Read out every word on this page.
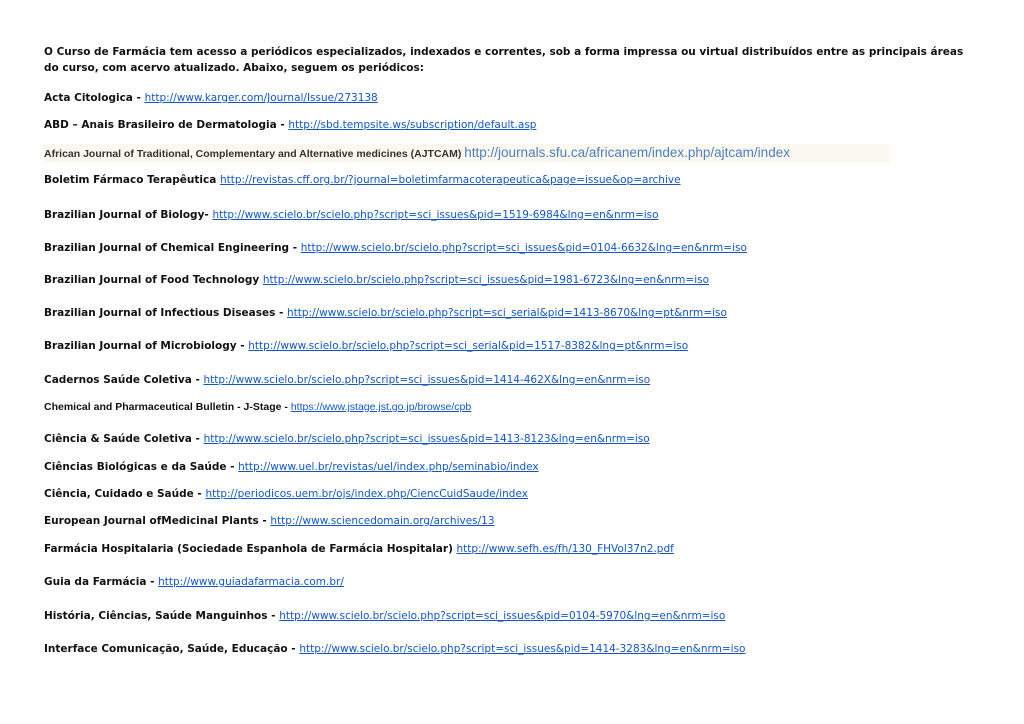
O Curso de Farmácia tem acesso a periódicos especializados, indexados e correntes, sob a forma impressa ou virtual distribuídos entre as principais áreas do curso, com acervo atualizado. Abaixo, seguem os periódicos:

Acta Citologica - http://www.karger.com/Journal/Issue/273138
ABD – Anais Brasileiro de Dermatologia - http://sbd.tempsite.ws/subscription/default.asp
African Journal of Traditional, Complementary and Alternative medicines (AJTCAM) http://journals.sfu.ca/africanem/index.php/ajtcam/index
Boletim Fármaco Terapêutica http://revistas.cff.org.br/?journal=boletimfarmacoterapeutica&page=issue&op=archive
Brazilian Journal of Biology- http://www.scielo.br/scielo.php?script=sci_issues&pid=1519-6984&lng=en&nrm=iso
Brazilian Journal of Chemical Engineering - http://www.scielo.br/scielo.php?script=sci_issues&pid=0104-6632&lng=en&nrm=iso
Brazilian Journal of Food Technology http://www.scielo.br/scielo.php?script=sci_issues&pid=1981-6723&lng=en&nrm=iso
Brazilian Journal of Infectious Diseases - http://www.scielo.br/scielo.php?script=sci_serial&pid=1413-8670&lng=pt&nrm=iso
Brazilian Journal of Microbiology - http://www.scielo.br/scielo.php?script=sci_serial&pid=1517-8382&lng=pt&nrm=iso
Cadernos Saúde Coletiva - http://www.scielo.br/scielo.php?script=sci_issues&pid=1414-462X&lng=en&nrm=iso
Chemical and Pharmaceutical Bulletin - J-Stage - https://www.jstage.jst.go.jp/browse/cpb
Ciência & Saúde Coletiva - http://www.scielo.br/scielo.php?script=sci_issues&pid=1413-8123&lng=en&nrm=iso
Ciências Biológicas e da Saúde - http://www.uel.br/revistas/uel/index.php/seminabio/index
Ciência, Cuidado e Saúde - http://periodicos.uem.br/ojs/index.php/CiencCuidSaude/index
European Journal ofMedicinal Plants - http://www.sciencedomain.org/archives/13
Farmácia Hospitalaria (Sociedade Espanhola de Farmácia Hospitalar) http://www.sefh.es/fh/130_FHVol37n2.pdf
Guia da Farmácia - http://www.guiadafarmacia.com.br/
História, Ciências, Saúde Manguinhos - http://www.scielo.br/scielo.php?script=sci_issues&pid=0104-5970&lng=en&nrm=iso
Interface Comunicação, Saúde, Educação - http://www.scielo.br/scielo.php?script=sci_issues&pid=1414-3283&lng=en&nrm=iso
